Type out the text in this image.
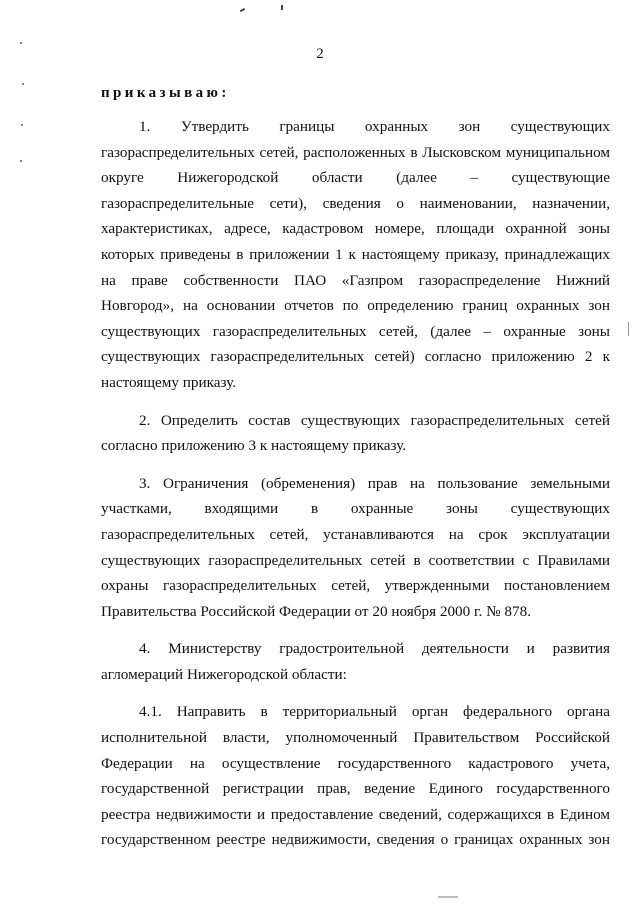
2
приказываю:
1. Утвердить границы охранных зон существующих
газораспределительных сетей, расположенных в Лысковском муниципальном
округе Нижегородской области (далее – существующие
газораспределительные сети), сведения о наименовании, назначении,
характеристиках, адресе, кадастровом номере, площади охранной зоны
которых приведены в приложении 1 к настоящему приказу, принадлежащих
на праве собственности ПАО «Газпром газораспределение Нижний
Новгород», на основании отчетов по определению границ охранных зон
существующих газораспределительных сетей, (далее – охранные зоны
существующих газораспределительных сетей) согласно приложению 2 к
настоящему приказу.
2. Определить состав существующих газораспределительных сетей
согласно приложению 3 к настоящему приказу.
3. Ограничения (обременения) прав на пользование земельными
участками, входящими в охранные зоны существующих
газораспределительных сетей, устанавливаются на срок эксплуатации
существующих газораспределительных сетей в соответствии с Правилами
охраны газораспределительных сетей, утвержденными постановлением
Правительства Российской Федерации от 20 ноября 2000 г. № 878.
4. Министерству градостроительной деятельности и развития
агломераций Нижегородской области:
4.1. Направить в территориальный орган федерального органа
исполнительной власти, уполномоченный Правительством Российской
Федерации на осуществление государственного кадастрового учета,
государственной регистрации прав, ведение Единого государственного
реестра недвижимости и предоставление сведений, содержащихся в Едином
государственном реестре недвижимости, сведения о границах охранных зон
